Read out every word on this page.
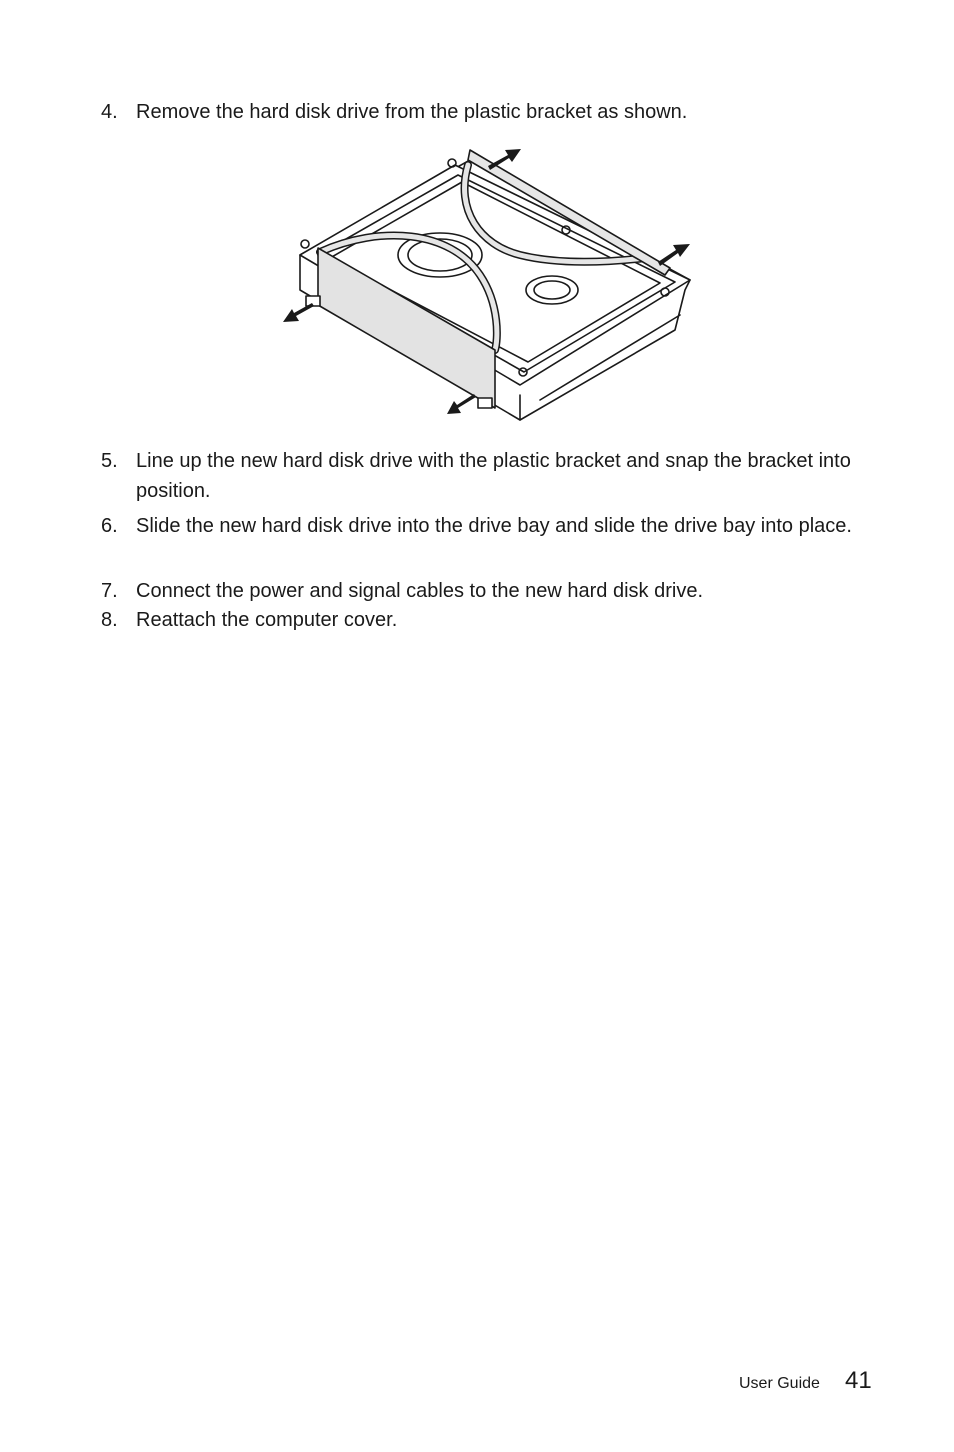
4. Remove the hard disk drive from the plastic bracket as shown.
5. Line up the new hard disk drive with the plastic bracket and snap the bracket into position.
6. Slide the new hard disk drive into the drive bay and slide the drive bay into place.
7. Connect the power and signal cables to the new hard disk drive.
8. Reattach the computer cover.
User Guide 41
